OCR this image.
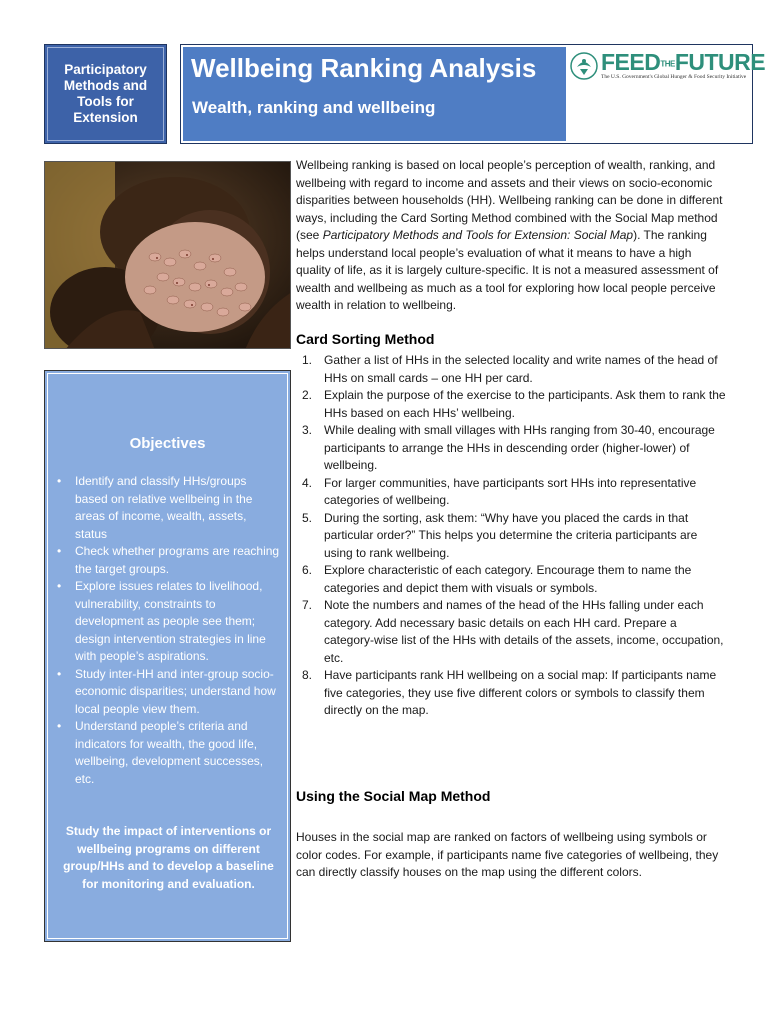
Participatory Methods and Tools for Extension
Wellbeing Ranking Analysis
Wealth, ranking and wellbeing
FEEDTHEFUTURE
The U.S. Government's Global Hunger & Food Security Initiative
Wellbeing ranking is based on local people’s perception of wealth, ranking, and wellbeing with regard to income and assets and their views on socio-economic disparities between households (HH). Wellbeing ranking can be done in different ways, including the Card Sorting Method combined with the Social Map method (see Participatory Methods and Tools for Extension: Social Map). The ranking helps understand local people’s evaluation of what it means to have a high quality of life, as it is largely culture-specific. It is not a measured assessment of wealth and wellbeing as much as a tool for exploring how local people perceive wealth in relation to wellbeing.
Card Sorting Method
1. Gather a list of HHs in the selected locality and write names of the head of HHs on small cards – one HH per card.
2. Explain the purpose of the exercise to the participants. Ask them to rank the HHs based on each HHs’ wellbeing.
3. While dealing with small villages with HHs ranging from 30-40, encourage participants to arrange the HHs in descending order (higher-lower) of wellbeing.
4. For larger communities, have participants sort HHs into representative categories of wellbeing.
5. During the sorting, ask them: “Why have you placed the cards in that particular order?” This helps you determine the criteria participants are using to rank wellbeing.
6. Explore characteristic of each category. Encourage them to name the categories and depict them with visuals or symbols.
7. Note the numbers and names of the head of the HHs falling under each category. Add necessary basic details on each HH card. Prepare a category-wise list of the HHs with details of the assets, income, occupation, etc.
8. Have participants rank HH wellbeing on a social map: If participants name five categories, they use five different colors or symbols to classify them directly on the map.
Using the Social Map Method
Houses in the social map are ranked on factors of wellbeing using symbols or color codes. For example, if participants name five categories of wellbeing, they can directly classify houses on the map using the different colors.
Objectives
•	Identify and classify HHs/groups based on relative wellbeing in the areas of income, wealth, assets, status
•	Check whether programs are reaching the target groups.
•	Explore issues relates to livelihood, vulnerability, constraints to development as people see them; design intervention strategies in line with people’s aspirations.
•	Study inter-HH and inter-group socio-economic disparities; understand how local people view them.
•	Understand people’s criteria and indicators for wealth, the good life, wellbeing, development successes, etc.
Study the impact of interventions or wellbeing programs on different group/HHs and to develop a baseline for monitoring and evaluation.
